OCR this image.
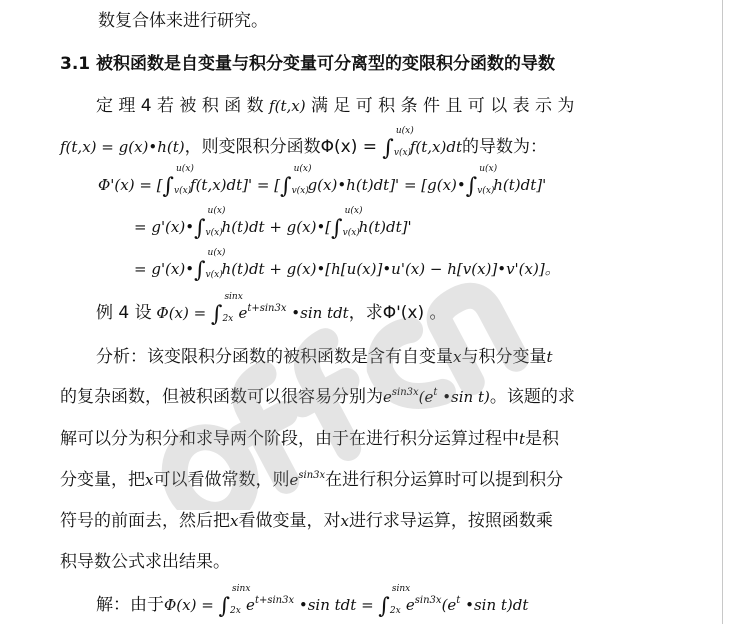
数复合体来进行研究。
3.1 被积函数是自变量与积分变量可分离型的变限积分函数的导数
定 理 4 若 被 积 函 数 f(t,x) 满 足 可 积 条 件 且 可 以 表 示 为
f(t,x) = g(x)•h(t)，则变限积分函数Φ(x) = ∫
u(x)
v(x)
f(t,x)dt的导数为：
Φ'(x) = [∫
u(x)
v(x)
f(t,x)dt]' = [∫
u(x)
v(x)
g(x)•h(t)dt]' = [g(x)•∫
u(x)
v(x)
h(t)dt]'
= g'(x)•∫
u(x)
v(x)
h(t)dt + g(x)•[∫
u(x)
v(x)
h(t)dt]'
= g'(x)•∫
u(x)
v(x)
h(t)dt + g(x)•[h[u(x)]•u'(x) − h[v(x)]•v'(x)]。
例 4 设 Φ(x) = ∫
sinx
2x $e^{t+sin3x}$ •sin tdt，求Φ'(x) 。
分析：该变限积分函数的被积函数是含有自变量x与积分变量t
的复杂函数，但被积函数可以很容易分别为$e^{sin3x}(e^t$ •sin t)。该题的求
解可以分为积分和求导两个阶段，由于在进行积分运算过程中t是积
分变量，把x可以看做常数，则$e^{sin3x}$在进行积分运算时可以提到积分
符号的前面去，然后把x看做变量，对x进行求导运算，按照函数乘
积导数公式求出结果。
解：由于Φ(x) = ∫
sinx
2x $e^{t+sin3x}$ •sin tdt = ∫
sinx
2x $e^{sin3x}(e^t$ •sin t)dt
